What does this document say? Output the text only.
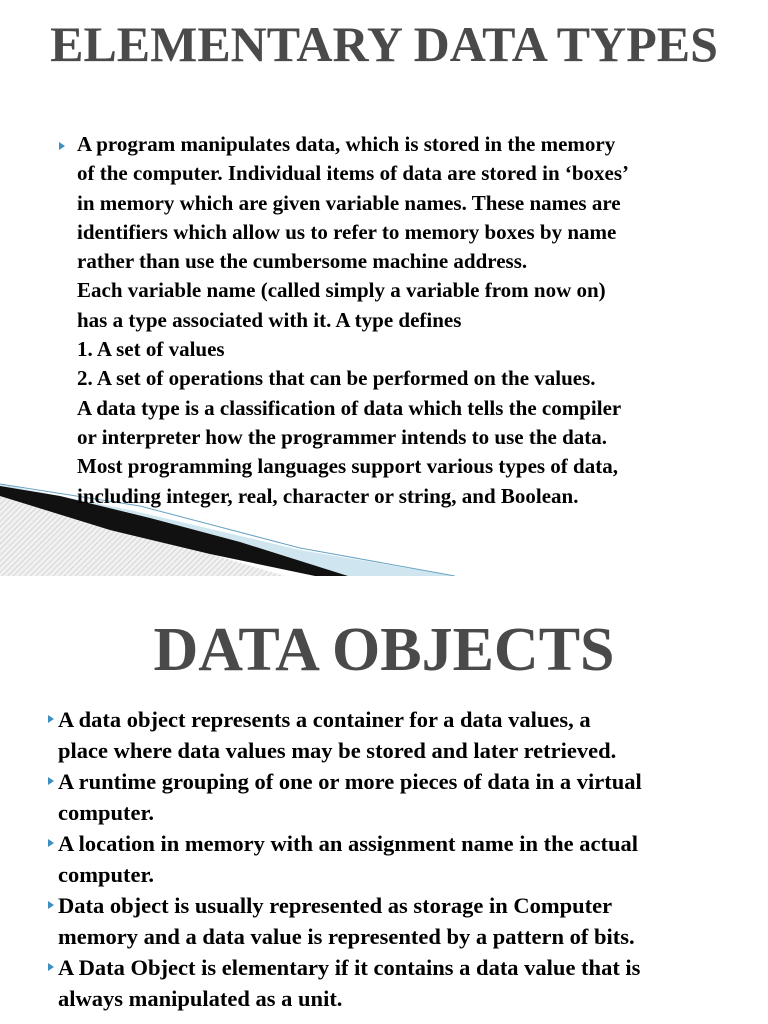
ELEMENTARY DATA TYPES
A program manipulates data, which is stored in the memory
of the computer. Individual items of data are stored in ‘boxes’
in memory which are given variable names. These names are
identifiers which allow us to refer to memory boxes by name
rather than use the cumbersome machine address.
Each variable name (called simply a variable from now on)
has a type associated with it. A type defines
1. A set of values
2. A set of operations that can be performed on the values.
A data type is a classification of data which tells the compiler
or interpreter how the programmer intends to use the data.
Most programming languages support various types of data,
including integer, real, character or string, and Boolean.
DATA OBJECTS
A data object represents a container for a data values, a
place where data values may be stored and later retrieved.
A runtime grouping of one or more pieces of data in a virtual
computer.
A location in memory with an assignment name in the actual
computer.
Data object is usually represented as storage in Computer
memory and a data value is represented by a pattern of bits.
A Data Object is elementary if it contains a data value that is
always manipulated as a unit.
